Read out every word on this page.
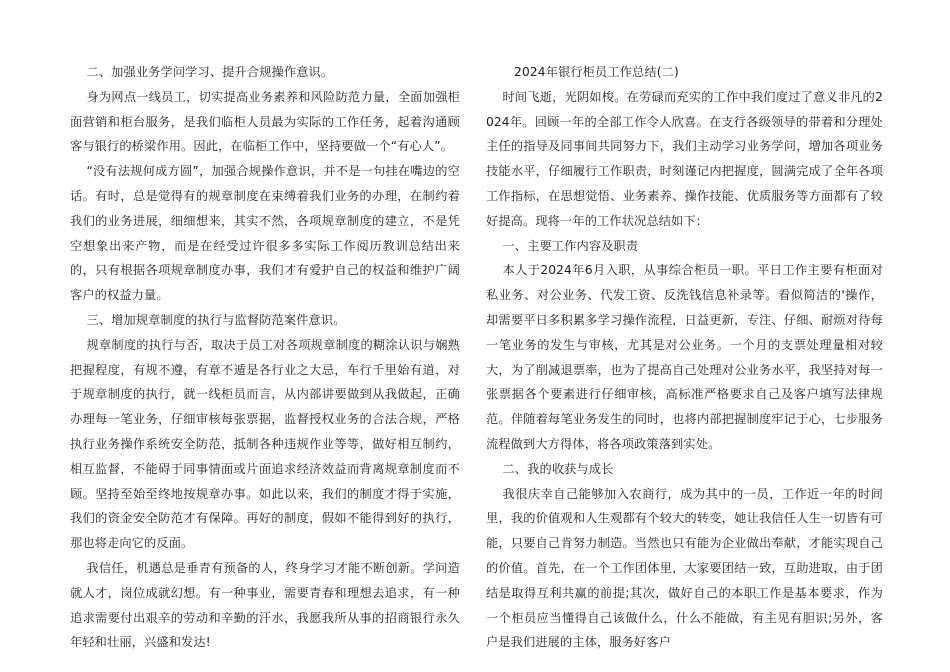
二、加强业务学问学习、提升合规操作意识。

身为网点一线员工，切实提高业务素养和风险防范力量，全面加强柜面营销和柜台服务，是我们临柜人员最为实际的工作任务，起着沟通顾客与银行的桥梁作用。因此，在临柜工作中，坚持要做一个“有心人”。

“没有法规何成方圆”，加强合规操作意识，并不是一句挂在嘴边的空话。有时，总是觉得有的规章制度在束缚着我们业务的办理，在制约着我们的业务进展，细细想来，其实不然，各项规章制度的建立，不是凭空想象出来产物，而是在经受过许很多多实际工作阅历教训总结出来的，只有根据各项规章制度办事，我们才有爱护自己的权益和维护广阔客户的权益力量。

三、增加规章制度的执行与监督防范案件意识。

规章制度的执行与否，取决于员工对各项规章制度的糊涂认识与娴熟把握程度，有规不遵，有章不遁是各行业之大忌，车行千里始有道，对于规章制度的执行，就一线柜员而言，从内部讲要做到从我做起，正确办理每一笔业务，仔细审核每张票据，监督授权业务的合法合规，严格执行业务操作系统安全防范，抵制各种违规作业等等，做好相互制约，相互监督，不能碍于同事情面或片面追求经济效益而背离规章制度而不顾。坚持至始至终地按规章办事。如此以来，我们的制度才得于实施，我们的资金安全防范才有保障。再好的制度，假如不能得到好的执行，那也将走向它的反面。

我信任，机遇总是垂青有预备的人，终身学习才能不断创新。学问造就人才，岗位成就幻想。有一种事业，需要青春和理想去追求，有一种追求需要付出艰辛的劳动和辛勤的汗水，我愿我所从事的招商银行永久年轻和壮丽，兴盛和发达!

2024年银行柜员工作总结(二)

时间飞逝，光阴如梭。在劳碌而充实的工作中我们度过了意义非凡的2024年。回顾一年的全部工作令人欣喜。在支行各级领导的带着和分理处主任的指导及同事间共同努力下，我们主动学习业务学问，增加各项业务技能水平，仔细履行工作职责，时刻谨记内把握度，圆满完成了全年各项工作指标，在思想觉悟、业务素养、操作技能、优质服务等方面都有了较好提高。现将一年的工作状况总结如下：

一、主要工作内容及职责

本人于2024年6月入职，从事综合柜员一职。平日工作主要有柜面对私业务、对公业务、代发工资、反洗钱信息补录等。看似简洁的'操作，却需要平日多积累多学习操作流程，日益更新，专注、仔细、耐烦对待每一笔业务的发生与审核，尤其是对公业务。一个月的支票处理量相对较大，为了削减退票率，也为了提高自己处理对公业务水平，我坚持对每一张票据各个要素进行仔细审核，高标准严格要求自己及客户填写法律规范。伴随着每笔业务发生的同时，也将内部把握制度牢记于心，七步服务流程做到大方得体，将各项政策落到实处。

二、我的收获与成长

我很庆幸自己能够加入农商行，成为其中的一员，工作近一年的时间里，我的价值观和人生观都有个较大的转变，她让我信任人生一切皆有可能，只要自己肯努力制造。当然也只有能为企业做出奉献，才能实现自己的价值。首先，在一个工作团体里，大家要团结一致，互助进取，由于团结是取得互利共赢的前提;其次，做好自己的本职工作是基本要求，作为一个柜员应当懂得自己该做什么，什么不能做，有主见有胆识;另外，客户是我们进展的主体，服务好客户
